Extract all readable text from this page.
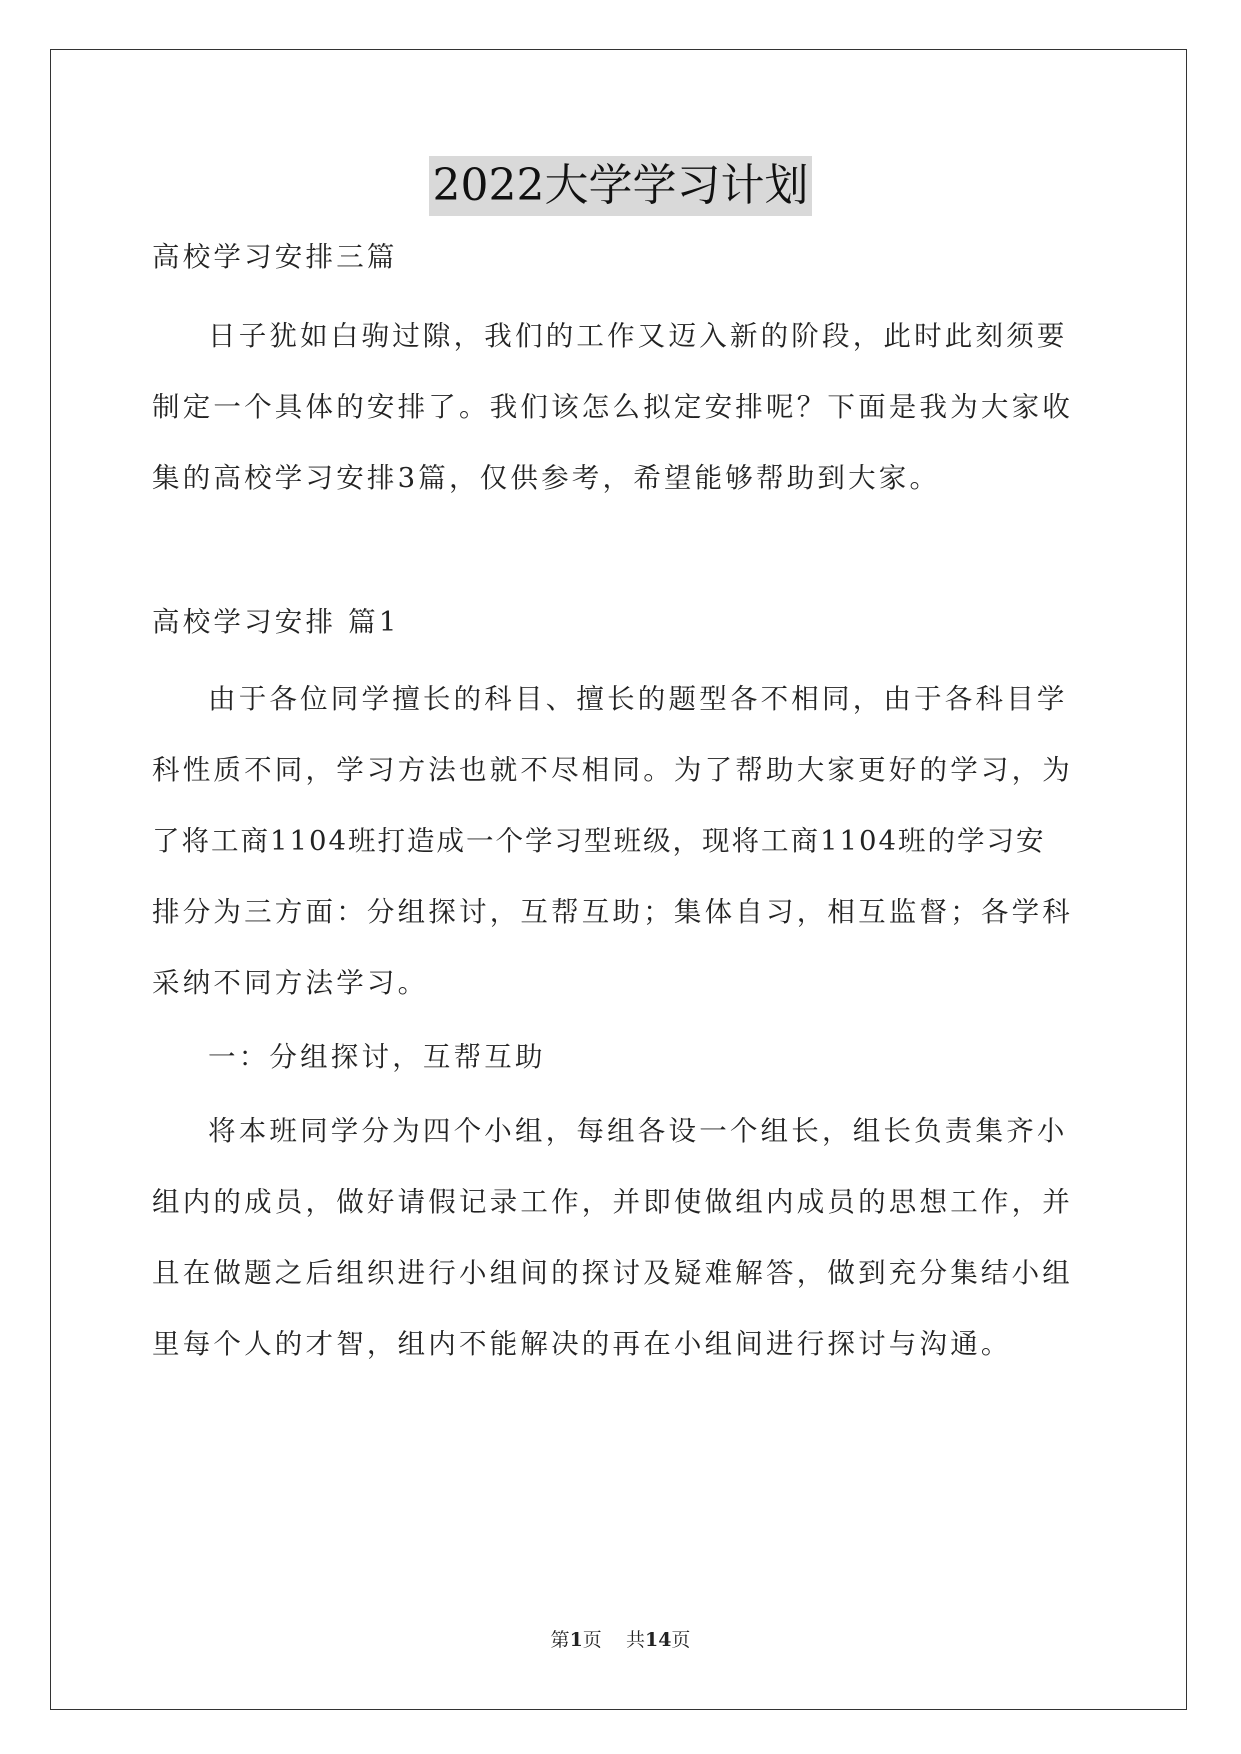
2022大学学习计划
高校学习安排三篇
日子犹如白驹过隙，我们的工作又迈入新的阶段，此时此刻须要
制定一个具体的安排了。我们该怎么拟定安排呢？下面是我为大家收
集的高校学习安排3篇，仅供参考，希望能够帮助到大家。
高校学习安排 篇1
由于各位同学擅长的科目、擅长的题型各不相同，由于各科目学
科性质不同，学习方法也就不尽相同。为了帮助大家更好的学习，为
了将工商1104班打造成一个学习型班级，现将工商1104班的学习安
排分为三方面：分组探讨，互帮互助；集体自习，相互监督；各学科
采纳不同方法学习。
一：分组探讨，互帮互助
将本班同学分为四个小组，每组各设一个组长，组长负责集齐小
组内的成员，做好请假记录工作，并即使做组内成员的思想工作，并
且在做题之后组织进行小组间的探讨及疑难解答，做到充分集结小组
里每个人的才智，组内不能解决的再在小组间进行探讨与沟通。
第1页    共14页
